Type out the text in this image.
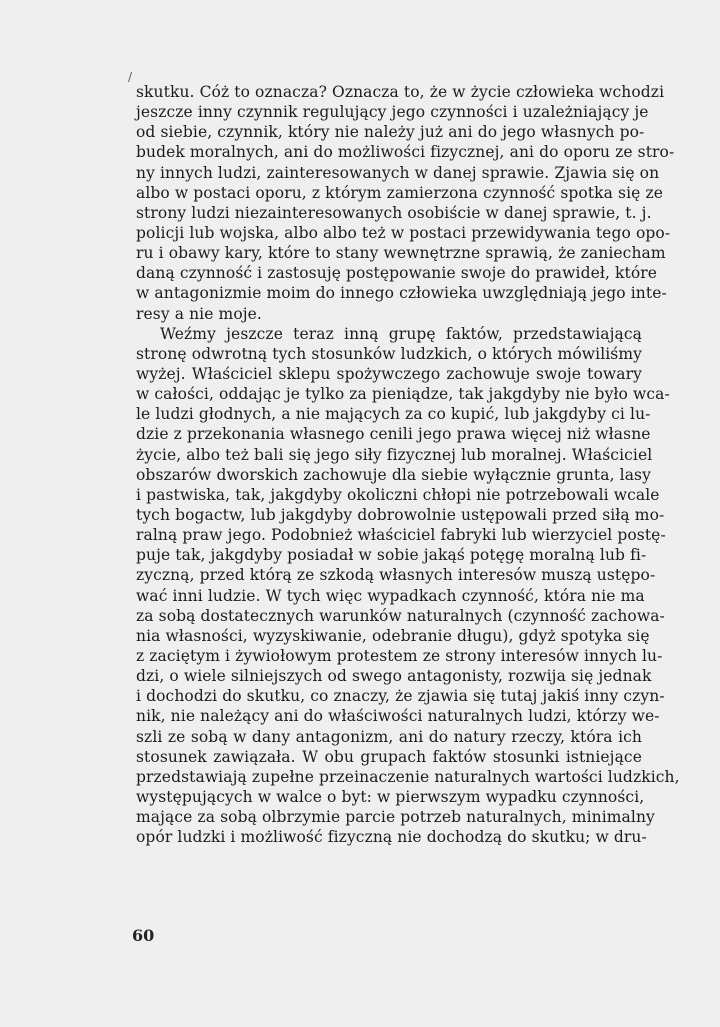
/
skutku. Cóż to oznacza? Oznacza to, że w życie człowieka wchodzi
jeszcze inny czynnik regulujący jego czynności i uzależniający je
od siebie, czynnik, który nie należy już ani do jego własnych po-
budek moralnych, ani do możliwości fizycznej, ani do oporu ze stro-
ny innych ludzi, zainteresowanych w danej sprawie. Zjawia się on
albo w postaci oporu, z którym zamierzona czynność spotka się ze
strony ludzi niezainteresowanych osobiście w danej sprawie, t. j.
policji lub wojska, albo albo też w postaci przewidywania tego opo-
ru i obawy kary, które to stany wewnętrzne sprawią, że zaniecham
daną czynność i zastosuję postępowanie swoje do prawideł, które
w antagonizmie moim do innego człowieka uwzględniają jego inte-
resy a nie moje.
Weźmy jeszcze teraz inną grupę faktów, przedstawiającą
stronę odwrotną tych stosunków ludzkich, o których mówiliśmy
wyżej. Właściciel sklepu spożywczego zachowuje swoje towary
w całości, oddając je tylko za pieniądze, tak jakgdyby nie było wca-
le ludzi głodnych, a nie mających za co kupić, lub jakgdyby ci lu-
dzie z przekonania własnego cenili jego prawa więcej niż własne
życie, albo też bali się jego siły fizycznej lub moralnej. Właściciel
obszarów dworskich zachowuje dla siebie wyłącznie grunta, lasy
i pastwiska, tak, jakgdyby okoliczni chłopi nie potrzebowali wcale
tych bogactw, lub jakgdyby dobrowolnie ustępowali przed siłą mo-
ralną praw jego. Podobnież właściciel fabryki lub wierzyciel postę-
puje tak, jakgdyby posiadał w sobie jakąś potęgę moralną lub fi-
zyczną, przed którą ze szkodą własnych interesów muszą ustępo-
wać inni ludzie. W tych więc wypadkach czynność, która nie ma
za sobą dostatecznych warunków naturalnych (czynność zachowa-
nia własności, wyzyskiwanie, odebranie długu), gdyż spotyka się
z zaciętym i żywiołowym protestem ze strony interesów innych lu-
dzi, o wiele silniejszych od swego antagonisty, rozwija się jednak
i dochodzi do skutku, co znaczy, że zjawia się tutaj jakiś inny czyn-
nik, nie należący ani do właściwości naturalnych ludzi, którzy we-
szli ze sobą w dany antagonizm, ani do natury rzeczy, która ich
stosunek zawiązała. W obu grupach faktów stosunki istniejące
przedstawiają zupełne przeinaczenie naturalnych wartości ludzkich,
występujących w walce o byt: w pierwszym wypadku czynności,
mające za sobą olbrzymie parcie potrzeb naturalnych, minimalny
opór ludzki i możliwość fizyczną nie dochodzą do skutku; w dru-
60
